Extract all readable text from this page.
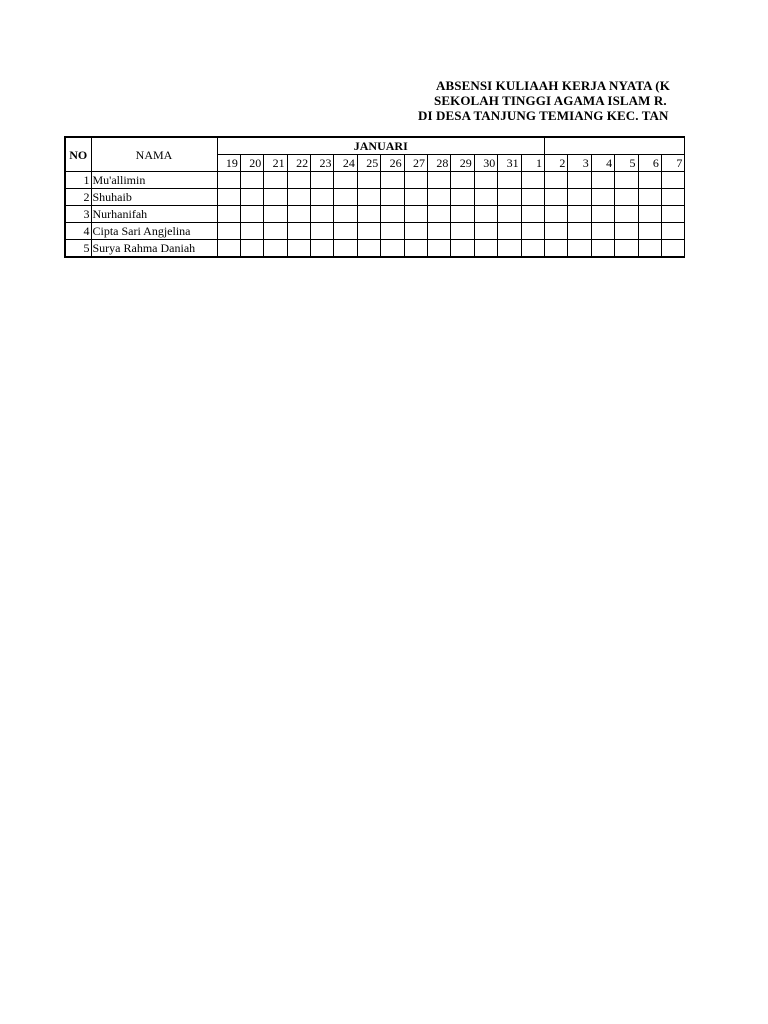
ABSENSI KULIAAH KERJA NYATA (K
SEKOLAH TINGGI AGAMA ISLAM R.
DI DESA TANJUNG TEMIANG KEC. TAN
NO	NAMA	JANUARI																			
		19	20	21	22	23	24	25	26	27	28	29	30	31	1	2	3	4	5	6	7
1	Mu'allimin																				
2	Shuhaib																				
3	Nurhanifah																				
4	Cipta Sari Angjelina																				
5	Surya Rahma Daniah																				
